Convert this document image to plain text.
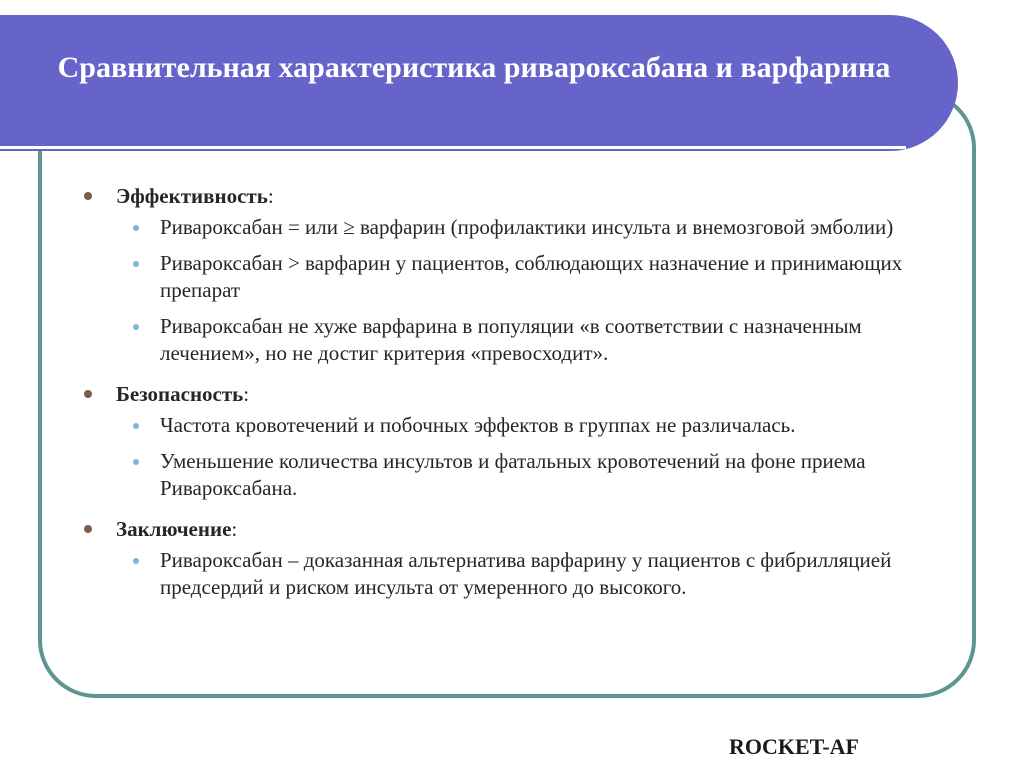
Сравнительная характеристика ривароксабана и варфарина
Эффективность:
Ривароксабан = или ≥ варфарин (профилактики инсульта и внемозговой эмболии)
Ривароксабан > варфарин у пациентов, соблюдающих назначение и принимающих препарат
Ривароксабан не хуже варфарина в популяции «в соответствии с назначенным лечением», но не достиг критерия «превосходит».
Безопасность:
Частота кровотечений и побочных эффектов в группах не различалась.
Уменьшение количества инсультов и фатальных кровотечений на фоне приема Ривароксабана.
Заключение:
Ривароксабан – доказанная альтернатива варфарину у пациентов с фибрилляцией предсердий и риском инсульта от умеренного до высокого.
ROCKET-AF
